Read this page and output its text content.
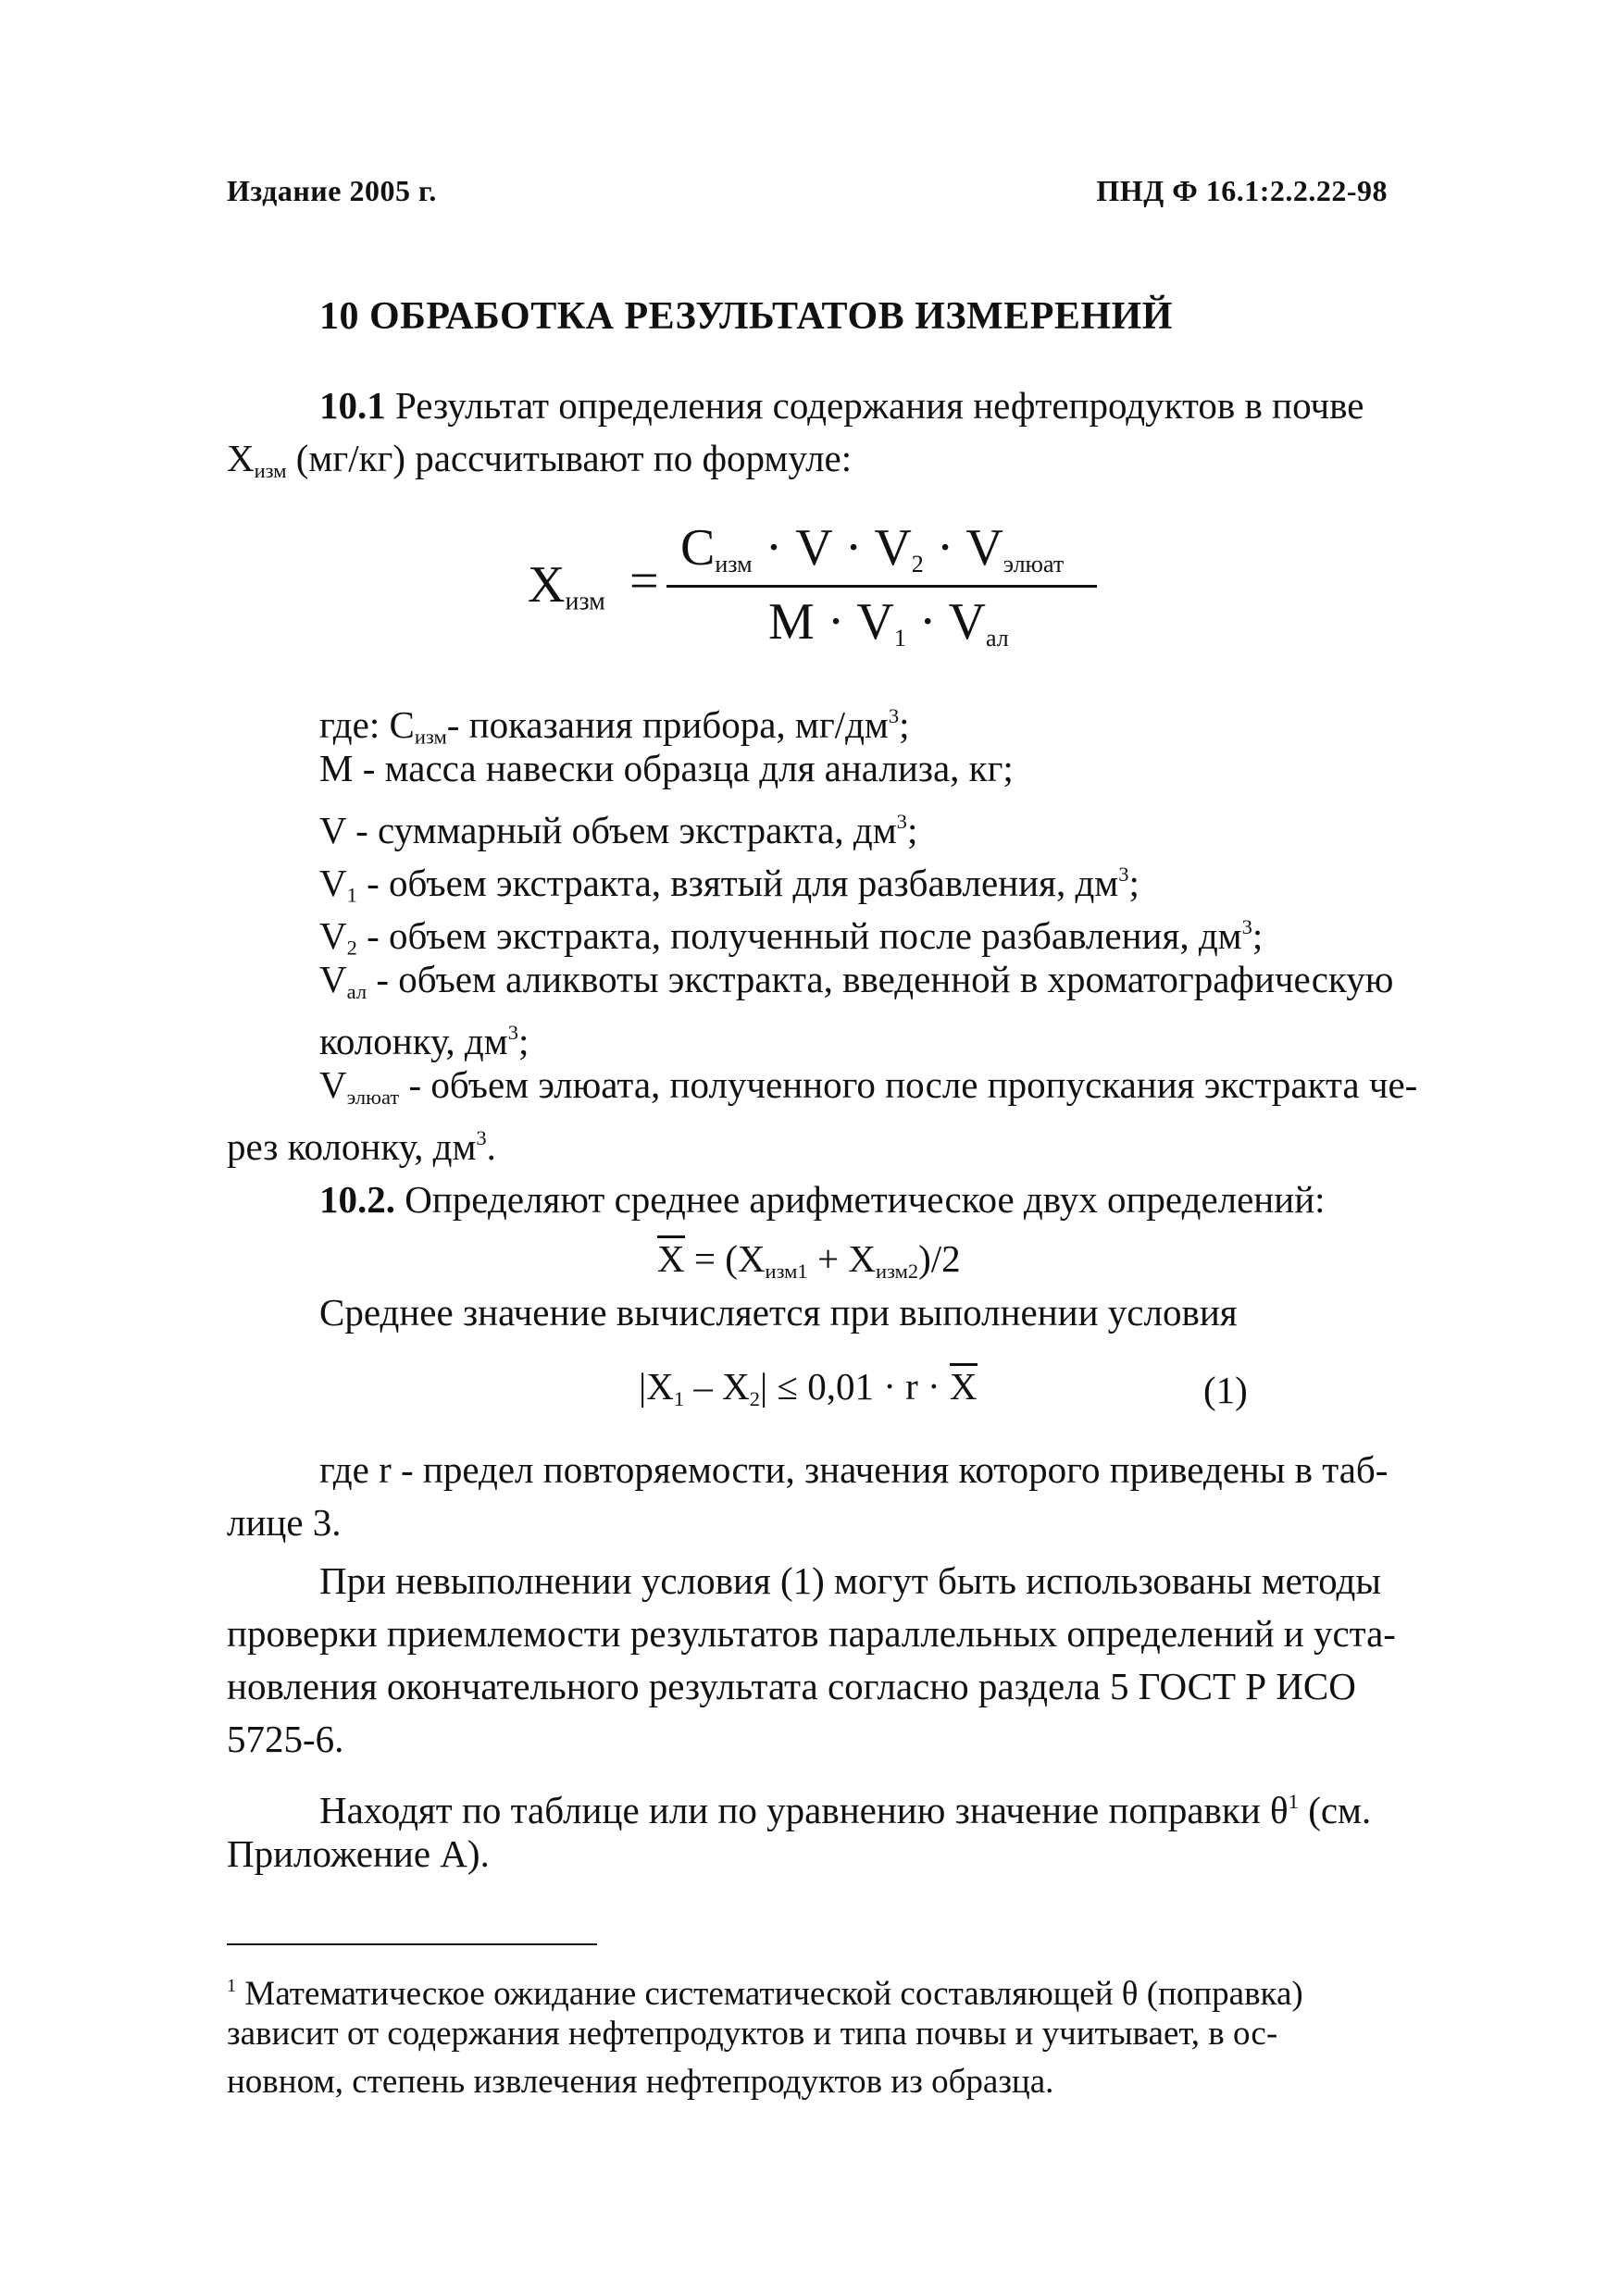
Издание 2005 г.	ПНД Ф 16.1:2.2.22-98
10 ОБРАБОТКА РЕЗУЛЬТАТОВ ИЗМЕРЕНИЙ
10.1 Результат определения содержания нефтепродуктов в почве
$X_{изм}$ (мг/кг) рассчитывают по формуле:
$X_{изм}$ =
$C_{изм} \cdot V \cdot V_2 \cdot V_{элюат}$
$M \cdot V_1 \cdot V_{ал}$
где: $C_{изм}-$ показания прибора, $мг/дм^3$;
M - масса навески образца для анализа, кг;
V - суммарный объем экстракта, $дм^3$;
$V_1$ - объем экстракта, взятый для разбавления, $дм^3$;
$V_2$ - объем экстракта, полученный после разбавления, $дм^3$;
$V_{ал}$ - объем аликвоты экстракта, введенной в хроматографическую
колонку, $дм^3$;
$V_{элюат}$ - объем элюата, полученного после пропускания экстракта че-
рез колонку, $дм^3$.
10.2. Определяют среднее арифметическое двух определений:
$X = (X_{изм1} + X_{изм2})/2$
Среднее значение вычисляется при выполнении условия
$|X_1 - X_2| \le 0,01 \cdot r \cdot X$	(1)
где r - предел повторяемости, значения которого приведены в таб-
лице 3.
При невыполнении условия (1) могут быть использованы методы
проверки приемлемости результатов параллельных определений и уста-
новления окончательного результата согласно раздела 5 ГОСТ Р ИСО
5725-6.
Находят по таблице или по уравнению значение поправки $\theta^1$ (см.
Приложение А).
$^1$ Математическое ожидание систематической составляющей θ (поправка)
зависит от содержания нефтепродуктов и типа почвы и учитывает, в ос-
новном, степень извлечения нефтепродуктов из образца.
